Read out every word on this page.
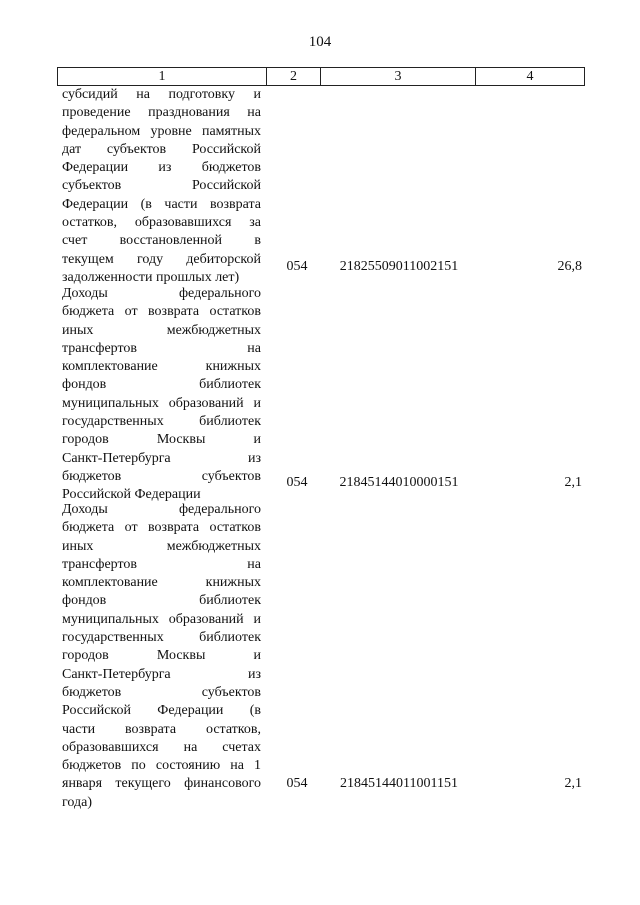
104
1	2	3	4
субсидий на подготовку и
проведение празднования на
федеральном уровне памятных
дат субъектов Российской
Федерации из бюджетов
субъектов Российской
Федерации (в части возврата
остатков, образовавшихся за
счет восстановленной в
текущем году дебиторской
задолженности прошлых лет)
054	21825509011002151	26,8
Доходы федерального
бюджета от возврата остатков
иных межбюджетных
трансфертов на
комплектование книжных
фондов библиотек
муниципальных образований и
государственных библиотек
городов Москвы и
Санкт-Петербурга из
бюджетов субъектов
Российской Федерации
054	21845144010000151	2,1
Доходы федерального
бюджета от возврата остатков
иных межбюджетных
трансфертов на
комплектование книжных
фондов библиотек
муниципальных образований и
государственных библиотек
городов Москвы и
Санкт-Петербурга из
бюджетов субъектов
Российской Федерации (в
части возврата остатков,
образовавшихся на счетах
бюджетов по состоянию на 1
января текущего финансового
года)
054	21845144011001151	2,1
